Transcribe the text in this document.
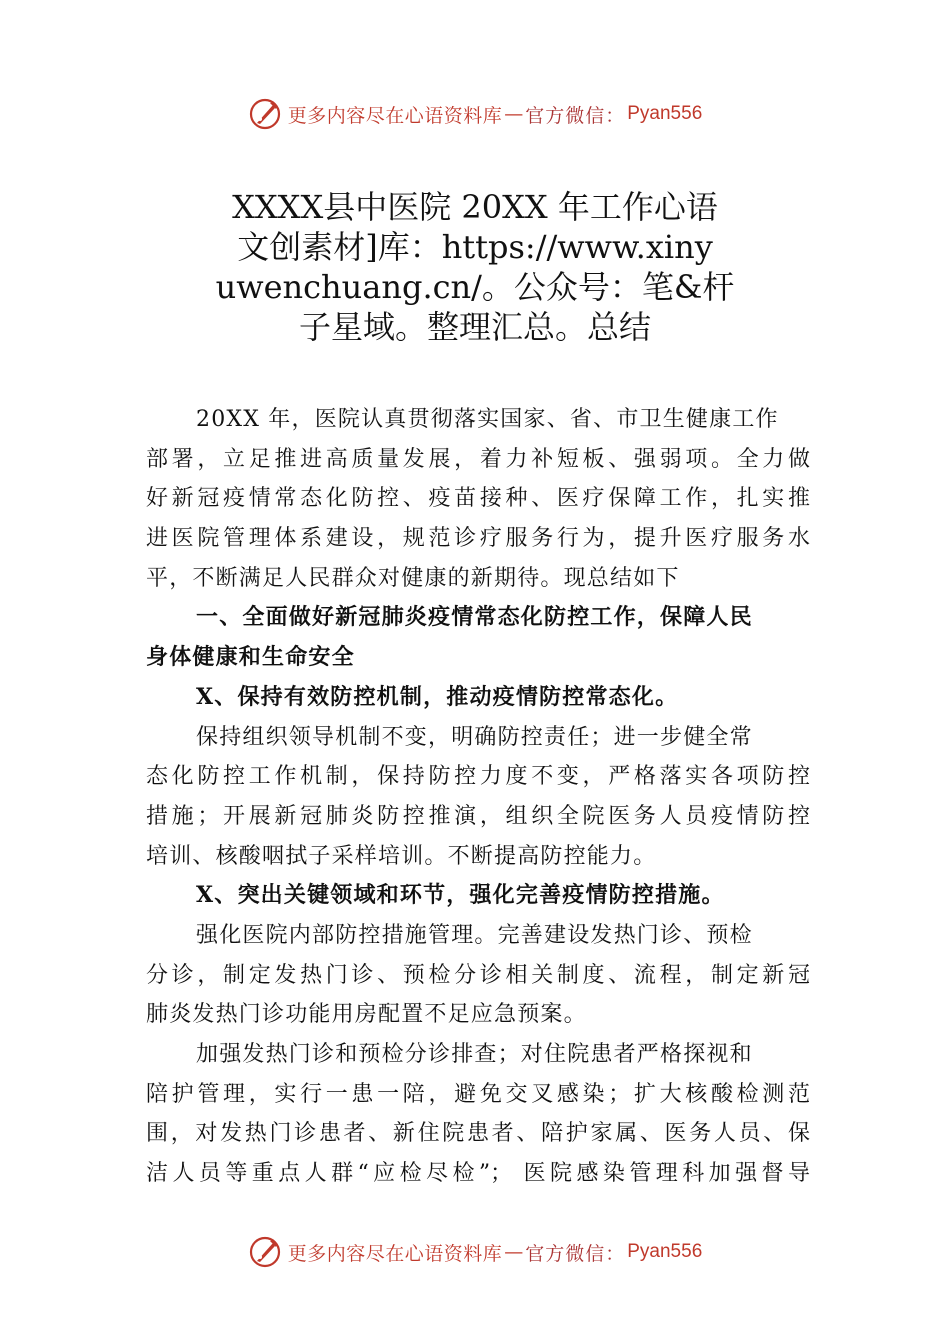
更多内容尽在心语资料库 — 官方微信： Pyan556
XXXX县中医院 20XX 年工作心语
文创素材]库：https://www.xiny
uwenchuang.cn/。公众号：笔&杆
子星域。整理汇总。总结
20XX 年，医院认真贯彻落实国家、省、市卫生健康工作
部署，立足推进高质量发展，着力补短板、强弱项。全力做
好新冠疫情常态化防控、疫苗接种、医疗保障工作，扎实推
进医院管理体系建设，规范诊疗服务行为，提升医疗服务水
平，不断满足人民群众对健康的新期待。现总结如下
一、全面做好新冠肺炎疫情常态化防控工作，保障人民
身体健康和生命安全
X、保持有效防控机制，推动疫情防控常态化。
保持组织领导机制不变，明确防控责任；进一步健全常
态化防控工作机制，保持防控力度不变，严格落实各项防控
措施；开展新冠肺炎防控推演，组织全院医务人员疫情防控
培训、核酸咽拭子采样培训。不断提高防控能力。
X、突出关键领域和环节，强化完善疫情防控措施。
强化医院内部防控措施管理。完善建设发热门诊、预检
分诊，制定发热门诊、预检分诊相关制度、流程，制定新冠
肺炎发热门诊功能用房配置不足应急预案。
加强发热门诊和预检分诊排查；对住院患者严格探视和
陪护管理，实行一患一陪，避免交叉感染；扩大核酸检测范
围，对发热门诊患者、新住院患者、陪护家属、医务人员、保
洁人员等重点人群“应检尽检”； 医院感染管理科加强督导
更多内容尽在心语资料库 — 官方微信： Pyan556
